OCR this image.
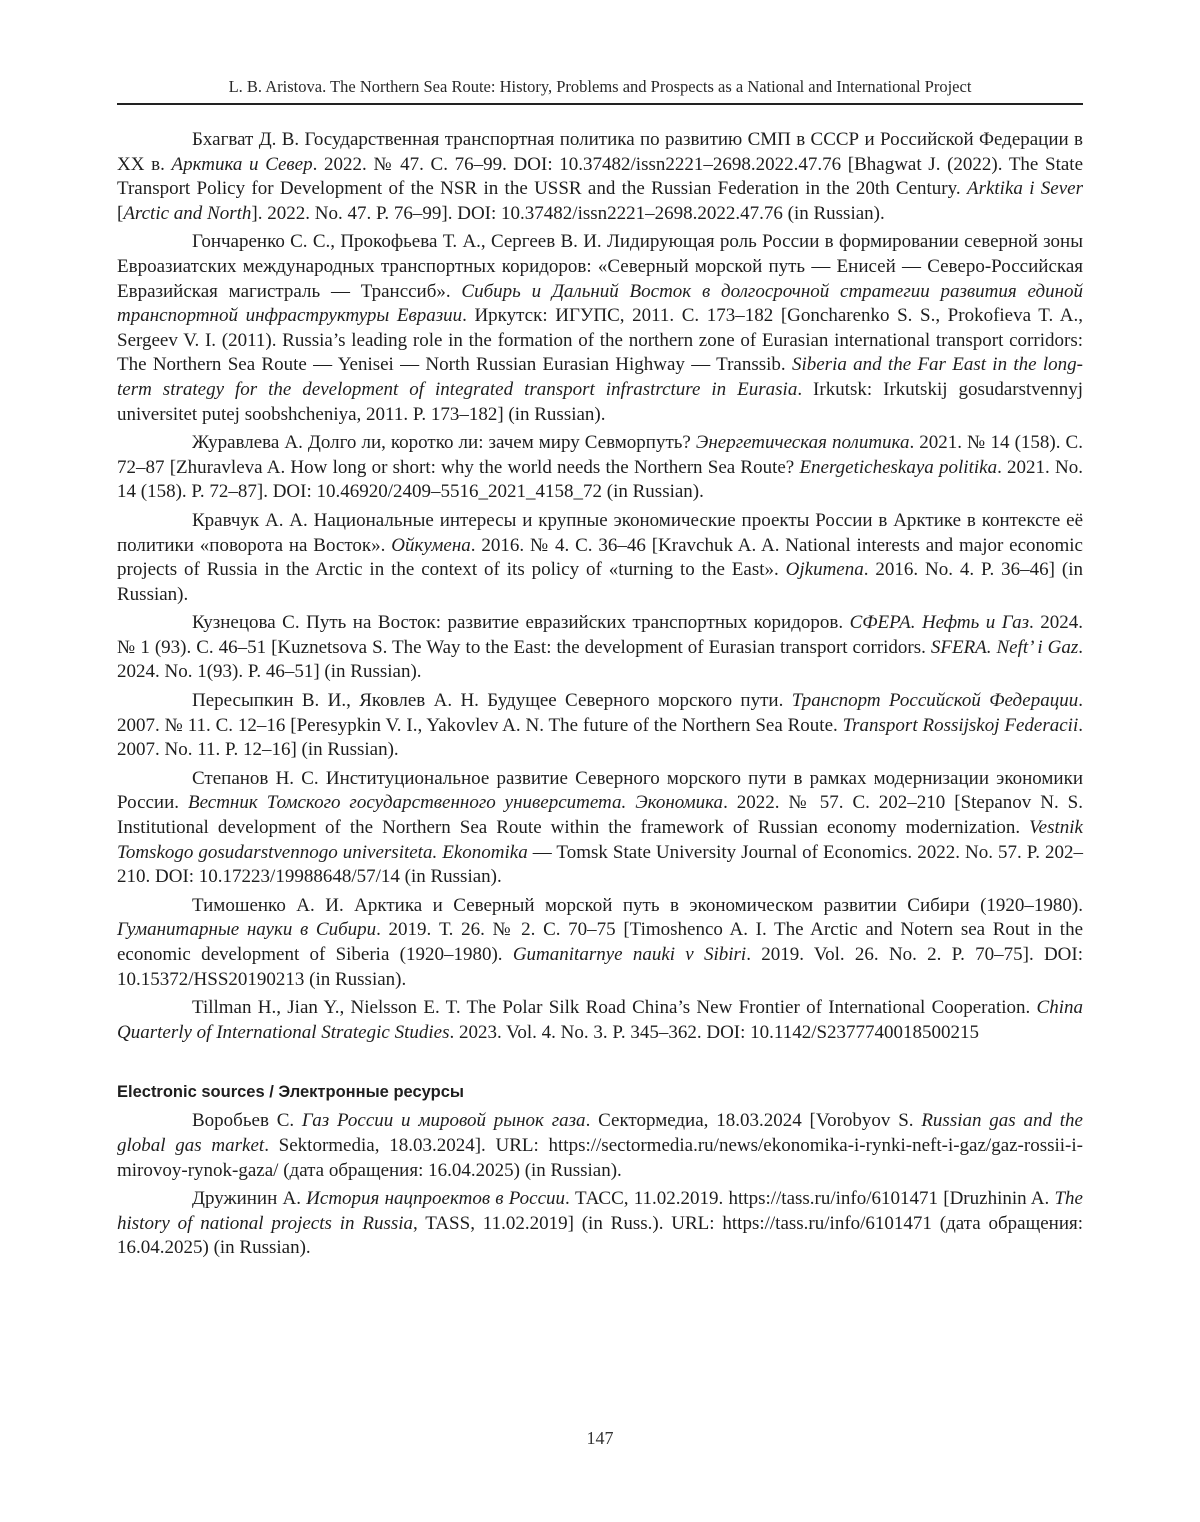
L. B. Aristova. The Northern Sea Route: History, Problems and Prospects as a National and International Project

Бхагват Д. В. Государственная транспортная политика по развитию СМП в СССР и Российской Федерации в XX в. Арктика и Север. 2022. № 47. С. 76–99. DOI: 10.37482/issn2221–2698.2022.47.76 [Bhagwat J. (2022). The State Transport Policy for Development of the NSR in the USSR and the Russian Federation in the 20th Century. Arktika i Sever [Arctic and North]. 2022. No. 47. P. 76–99]. DOI: 10.37482/issn2221–2698.2022.47.76 (in Russian).

Гончаренко С. С., Прокофьева Т. А., Сергеев В. И. Лидирующая роль России в формировании северной зоны Евроазиатских международных транспортных коридоров: «Северный морской путь — Енисей — Северо-Российская Евразийская магистраль — Транссиб». Сибирь и Дальний Восток в долгосрочной стратегии развития единой транспортной инфраструктуры Евразии. Иркутск: ИГУПС, 2011. С. 173–182 [Goncharenko S. S., Prokofieva T. A., Sergeev V. I. (2011). Russia’s leading role in the formation of the northern zone of Eurasian international transport corridors: The Northern Sea Route — Yenisei — North Russian Eurasian Highway — Transsib. Siberia and the Far East in the long-term strategy for the development of integrated transport infrastrcture in Eurasia. Irkutsk: Irkutskij gosudarstvennyj universitet putej soobshcheniya, 2011. P. 173–182] (in Russian).

Журавлева А. Долго ли, коротко ли: зачем миру Севморпуть? Энергетическая политика. 2021. № 14 (158). С. 72–87 [Zhuravleva A. How long or short: why the world needs the Northern Sea Route? Energeticheskaya politika. 2021. No. 14 (158). P. 72–87]. DOI: 10.46920/2409–5516_2021_4158_72 (in Russian).

Кравчук А. А. Национальные интересы и крупные экономические проекты России в Арктике в контексте её политики «поворота на Восток». Ойкумена. 2016. № 4. С. 36–46 [Kravchuk A. A. National interests and major economic projects of Russia in the Arctic in the context of its policy of «turning to the East». Ojkumena. 2016. No. 4. P. 36–46] (in Russian).

Кузнецова С. Путь на Восток: развитие евразийских транспортных коридоров. СФЕРА. Нефть и Газ. 2024. № 1 (93). С. 46–51 [Kuznetsova S. The Way to the East: the development of Eurasian transport corridors. SFERA. Neft’ i Gaz. 2024. No. 1(93). P. 46–51] (in Russian).

Пересыпкин В. И., Яковлев А. Н. Будущее Северного морского пути. Транспорт Российской Федерации. 2007. № 11. С. 12–16 [Peresypkin V. I., Yakovlev A. N. The future of the Northern Sea Route. Transport Rossijskoj Federacii. 2007. No. 11. P. 12–16] (in Russian).

Степанов Н. С. Институциональное развитие Северного морского пути в рамках модернизации экономики России. Вестник Томского государственного университета. Экономика. 2022. № 57. С. 202–210 [Stepanov N. S. Institutional development of the Northern Sea Route within the framework of Russian economy modernization. Vestnik Tomskogo gosudarstvennogo universiteta. Ekonomika — Tomsk State University Journal of Economics. 2022. No. 57. P. 202–210. DOI: 10.17223/19988648/57/14 (in Russian).

Тимошенко А. И. Арктика и Северный морской путь в экономическом развитии Сибири (1920–1980). Гуманитарные науки в Сибири. 2019. Т. 26. № 2. С. 70–75 [Timoshenco A. I. The Arctic and Notern sea Rout in the economic development of Siberia (1920–1980). Gumanitarnye nauki v Sibiri. 2019. Vol. 26. No. 2. P. 70–75]. DOI: 10.15372/HSS20190213 (in Russian).

Tillman H., Jian Y., Nielsson E. T. The Polar Silk Road China’s New Frontier of International Cooperation. China Quarterly of International Strategic Studies. 2023. Vol. 4. No. 3. P. 345–362. DOI: 10.1142/S2377740018500215

Electronic sources / Электронные ресурсы

Воробьев С. Газ России и мировой рынок газа. Сектормедиа, 18.03.2024 [Vorobyov S. Russian gas and the global gas market. Sektormedia, 18.03.2024]. URL: https://sectormedia.ru/news/ekonomika-i-rynki-neft-i-gaz/gaz-rossii-i-mirovoy-rynok-gaza/ (дата обращения: 16.04.2025) (in Russian).

Дружинин А. История нацпроектов в России. ТАСС, 11.02.2019. https://tass.ru/info/6101471 [Druzhinin A. The history of national projects in Russia, TASS, 11.02.2019] (in Russ.). URL: https://tass.ru/info/6101471 (дата обращения: 16.04.2025) (in Russian).

147
